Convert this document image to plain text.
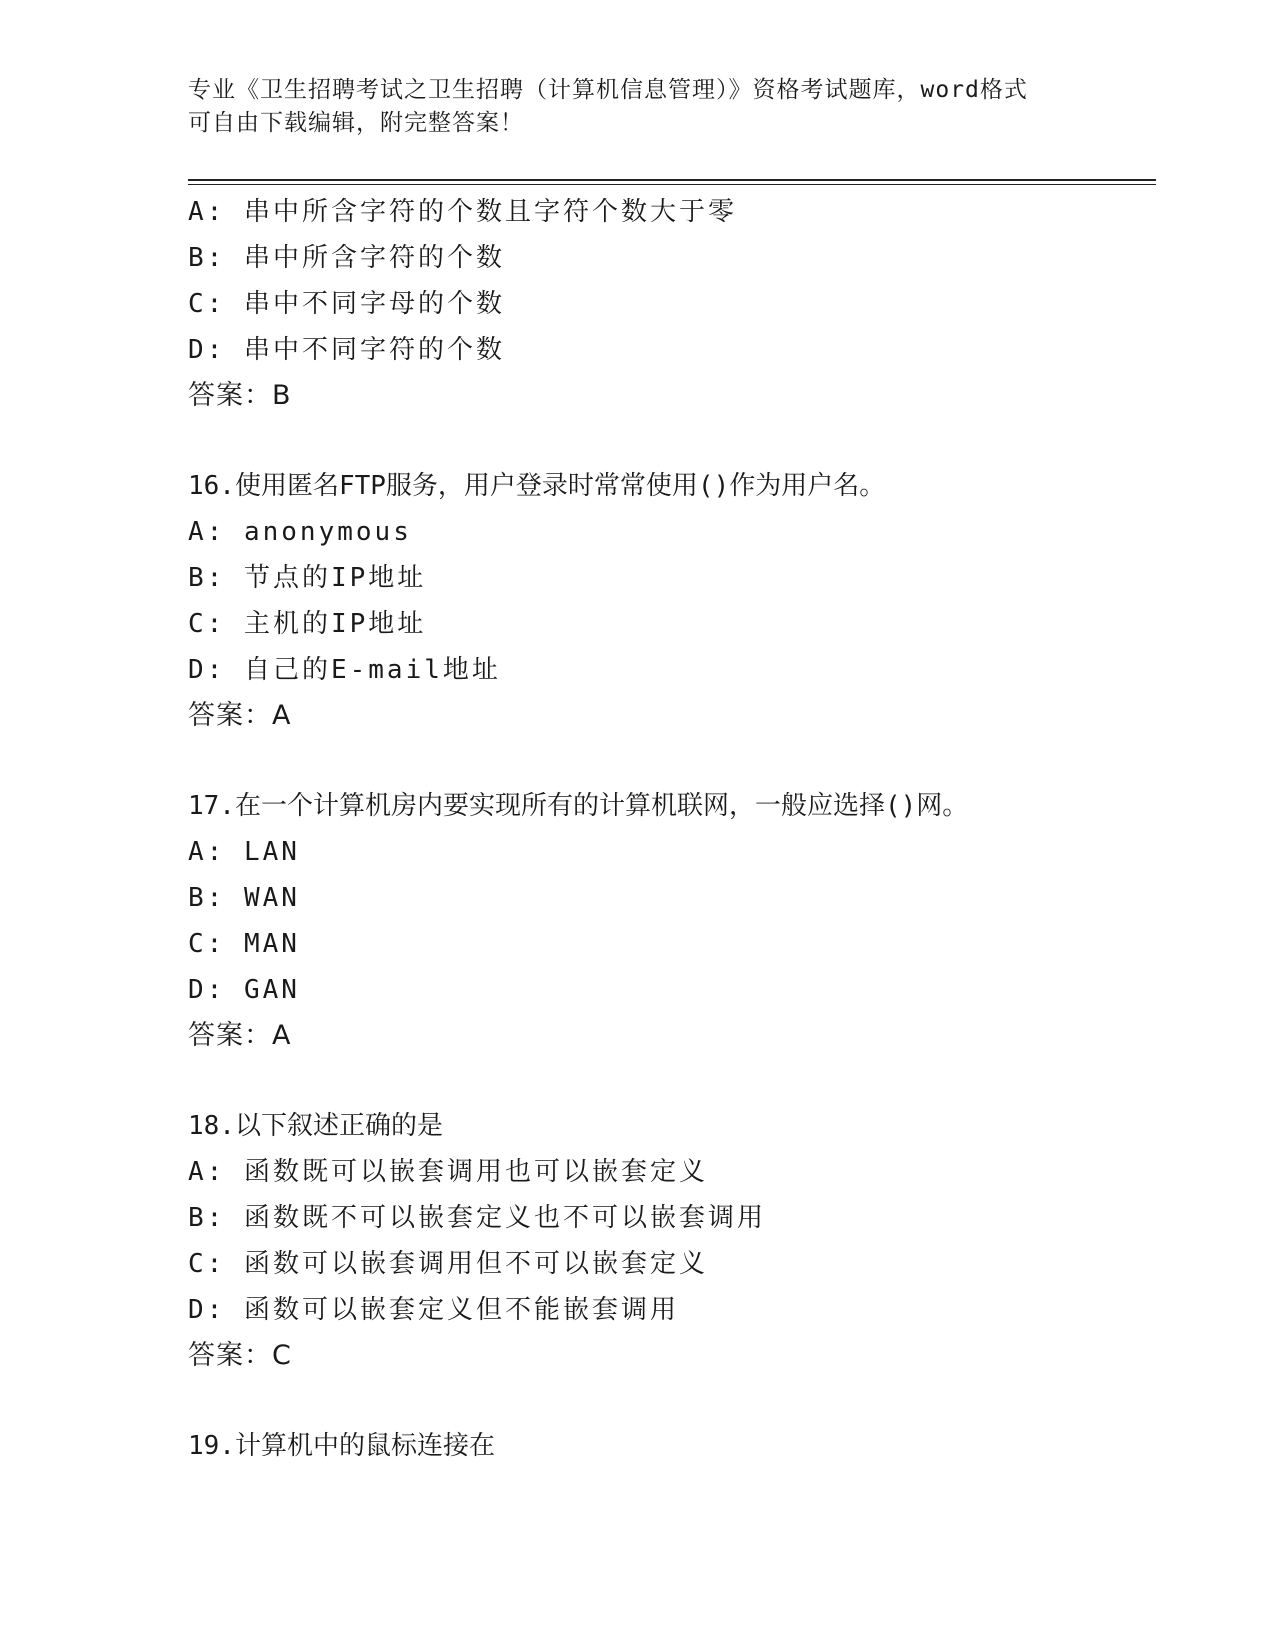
专业《卫生招聘考试之卫生招聘（计算机信息管理）》资格考试题库，word格式
可自由下载编辑，附完整答案！
A: 串中所含字符的个数且字符个数大于零
B: 串中所含字符的个数
C: 串中不同字母的个数
D: 串中不同字符的个数
答案：B
16.使用匿名FTP服务，用户登录时常常使用()作为用户名。
A: anonymous
B: 节点的IP地址
C: 主机的IP地址
D: 自己的E-mail地址
答案：A
17.在一个计算机房内要实现所有的计算机联网，一般应选择()网。
A: LAN
B: WAN
C: MAN
D: GAN
答案：A
18.以下叙述正确的是
A: 函数既可以嵌套调用也可以嵌套定义
B: 函数既不可以嵌套定义也不可以嵌套调用
C: 函数可以嵌套调用但不可以嵌套定义
D: 函数可以嵌套定义但不能嵌套调用
答案：C
19.计算机中的鼠标连接在
